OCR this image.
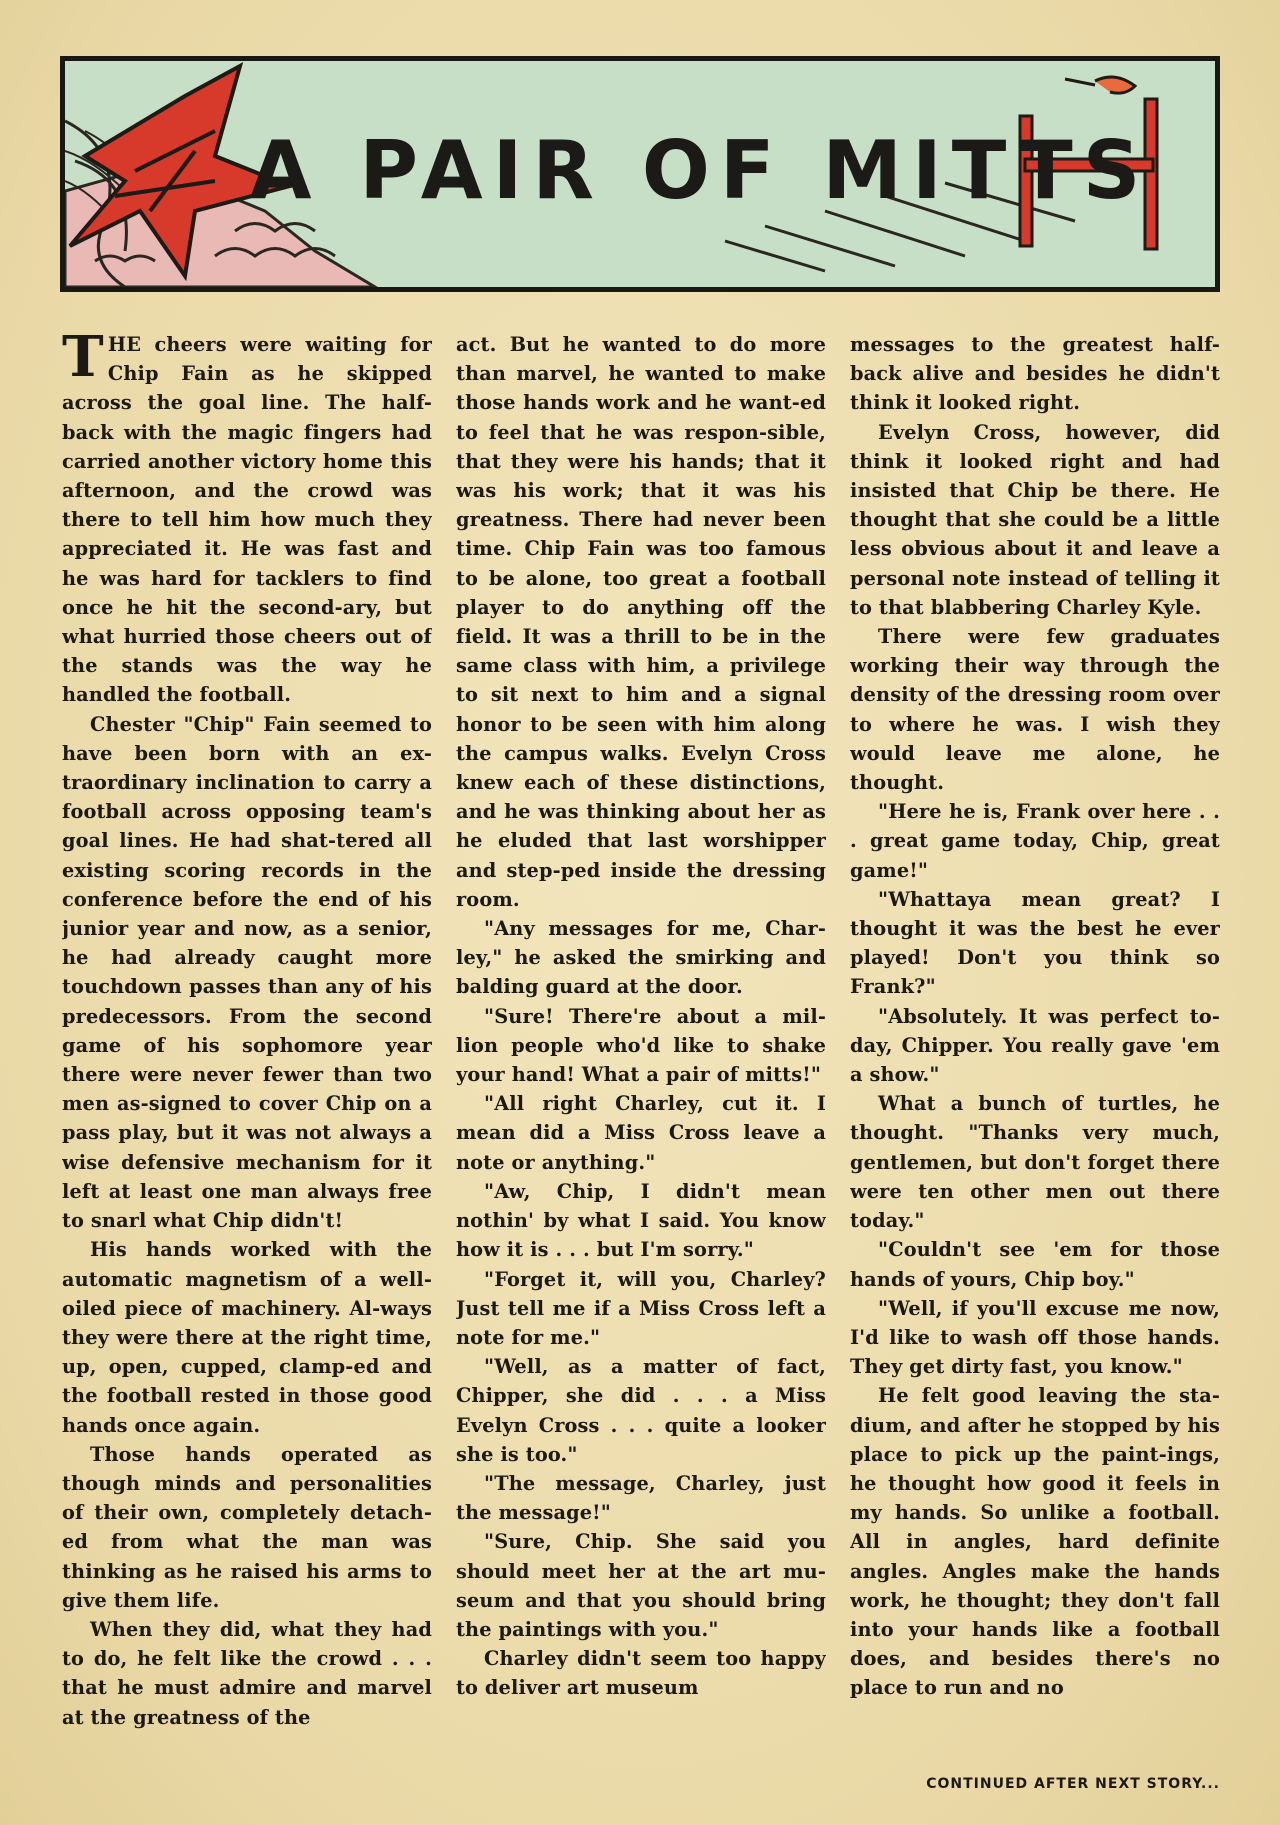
A PAIR OF MITTS

THE cheers were waiting for Chip Fain as he skipped across the goal line. The half-back with the magic fingers had carried another victory home this afternoon, and the crowd was there to tell him how much they appreciated it. He was fast and he was hard for tacklers to find once he hit the second-ary, but what hurried those cheers out of the stands was the way he handled the football.

Chester "Chip" Fain seemed to have been born with an ex-traordinary inclination to carry a football across opposing team's goal lines. He had shat-tered all existing scoring records in the conference before the end of his junior year and now, as a senior, he had already caught more touchdown passes than any of his predecessors. From the second game of his sophomore year there were never fewer than two men as-signed to cover Chip on a pass play, but it was not always a wise defensive mechanism for it left at least one man always free to snarl what Chip didn't!

His hands worked with the automatic magnetism of a well-oiled piece of machinery. Al-ways they were there at the right time, up, open, cupped, clamp-ed and the football rested in those good hands once again.

Those hands operated as though minds and personalities of their own, completely detach-ed from what the man was thinking as he raised his arms to give them life.

When they did, what they had to do, he felt like the crowd . . . that he must admire and marvel at the greatness of the

act. But he wanted to do more than marvel, he wanted to make those hands work and he want-ed to feel that he was respon-sible, that they were his hands; that it was his work; that it was his greatness. There had never been time. Chip Fain was too famous to be alone, too great a football player to do anything off the field. It was a thrill to be in the same class with him, a privilege to sit next to him and a signal honor to be seen with him along the campus walks. Evelyn Cross knew each of these distinctions, and he was thinking about her as he eluded that last worshipper and step-ped inside the dressing room.

"Any messages for me, Char-ley," he asked the smirking and balding guard at the door.

"Sure! There're about a mil-lion people who'd like to shake your hand! What a pair of mitts!"

"All right Charley, cut it. I mean did a Miss Cross leave a note or anything."

"Aw, Chip, I didn't mean nothin' by what I said. You know how it is . . . but I'm sorry."

"Forget it, will you, Charley? Just tell me if a Miss Cross left a note for me."

"Well, as a matter of fact, Chipper, she did . . . a Miss Evelyn Cross . . . quite a looker she is too."

"The message, Charley, just the message!"

"Sure, Chip. She said you should meet her at the art mu-seum and that you should bring the paintings with you."

Charley didn't seem too happy to deliver art museum

messages to the greatest half-back alive and besides he didn't think it looked right.

Evelyn Cross, however, did think it looked right and had insisted that Chip be there. He thought that she could be a little less obvious about it and leave a personal note instead of telling it to that blabbering Charley Kyle.

There were few graduates working their way through the density of the dressing room over to where he was. I wish they would leave me alone, he thought.

"Here he is, Frank over here . . . great game today, Chip, great game!"

"Whattaya mean great? I thought it was the best he ever played! Don't you think so Frank?"

"Absolutely. It was perfect to-day, Chipper. You really gave 'em a show."

What a bunch of turtles, he thought. "Thanks very much, gentlemen, but don't forget there were ten other men out there today."

"Couldn't see 'em for those hands of yours, Chip boy."

"Well, if you'll excuse me now, I'd like to wash off those hands. They get dirty fast, you know."

He felt good leaving the sta-dium, and after he stopped by his place to pick up the paint-ings, he thought how good it feels in my hands. So unlike a football. All in angles, hard definite angles. Angles make the hands work, he thought; they don't fall into your hands like a football does, and besides there's no place to run and no

CONTINUED AFTER NEXT STORY...
